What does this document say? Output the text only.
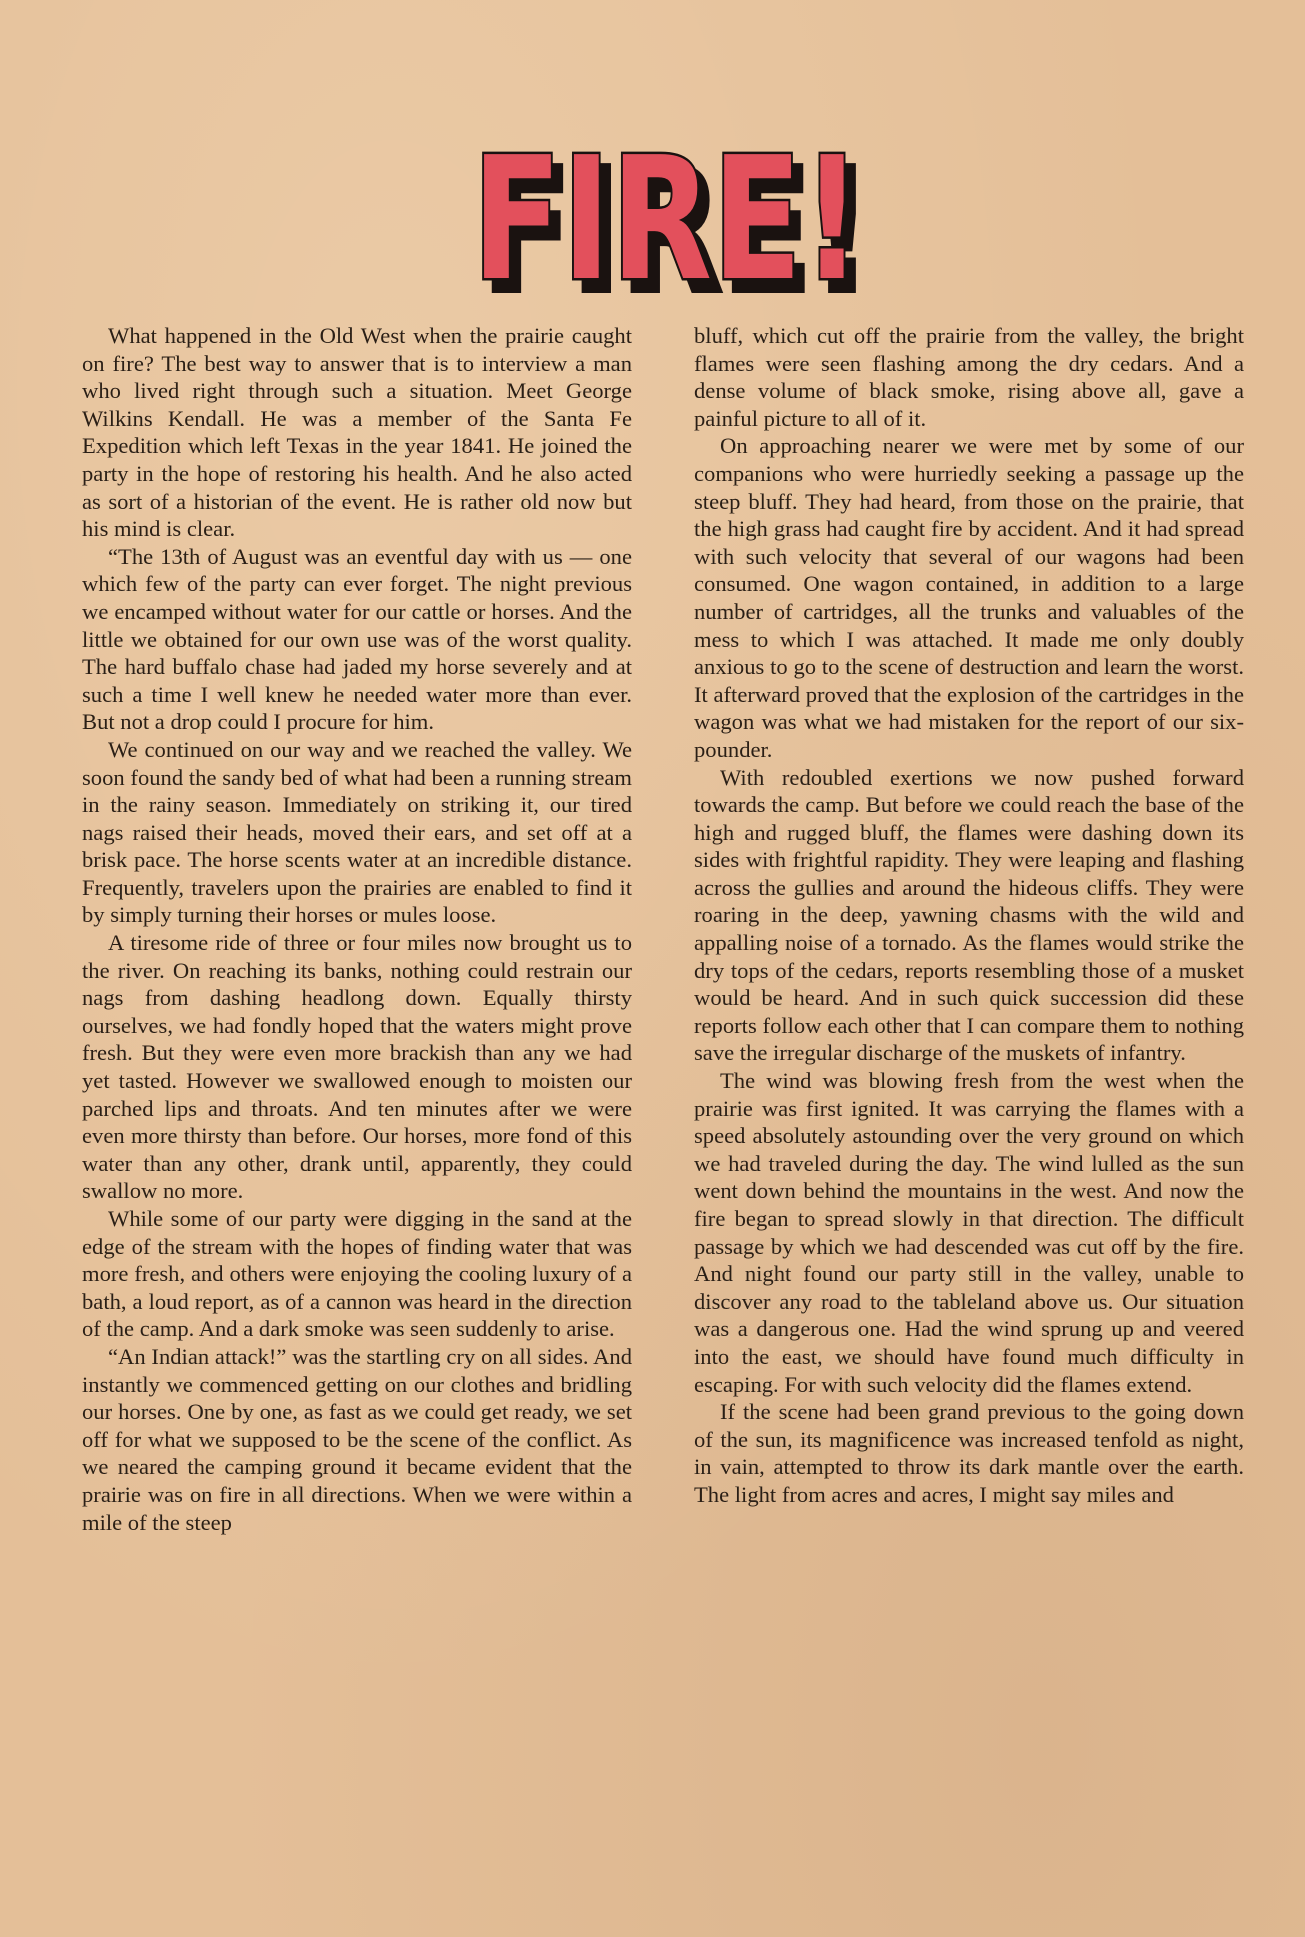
FIRE!
FIRE!

What happened in the Old West when the prairie caught on fire? The best way to answer that is to interview a man who lived right through such a situation. Meet George Wilkins Kendall. He was a member of the Santa Fe Expedition which left Texas in the year 1841. He joined the party in the hope of restoring his health. And he also acted as sort of a historian of the event. He is rather old now but his mind is clear.

“The 13th of August was an eventful day with us — one which few of the party can ever forget. The night previous we encamped without water for our cattle or horses. And the little we obtained for our own use was of the worst quality. The hard buffalo chase had jaded my horse severely and at such a time I well knew he needed water more than ever. But not a drop could I procure for him.

We continued on our way and we reached the valley. We soon found the sandy bed of what had been a running stream in the rainy season. Immediately on striking it, our tired nags raised their heads, moved their ears, and set off at a brisk pace. The horse scents water at an incredible distance. Frequently, travelers upon the prairies are enabled to find it by simply turning their horses or mules loose.

A tiresome ride of three or four miles now brought us to the river. On reaching its banks, nothing could restrain our nags from dashing headlong down. Equally thirsty ourselves, we had fondly hoped that the waters might prove fresh. But they were even more brackish than any we had yet tasted. However we swallowed enough to moisten our parched lips and throats. And ten minutes after we were even more thirsty than before. Our horses, more fond of this water than any other, drank until, apparently, they could swallow no more.

While some of our party were digging in the sand at the edge of the stream with the hopes of finding water that was more fresh, and others were enjoying the cooling luxury of a bath, a loud report, as of a cannon was heard in the direction of the camp. And a dark smoke was seen suddenly to arise.

“An Indian attack!” was the startling cry on all sides. And instantly we commenced getting on our clothes and bridling our horses. One by one, as fast as we could get ready, we set off for what we supposed to be the scene of the conflict. As we neared the camping ground it became evident that the prairie was on fire in all directions. When we were within a mile of the steep

bluff, which cut off the prairie from the valley, the bright flames were seen flashing among the dry cedars. And a dense volume of black smoke, rising above all, gave a painful picture to all of it.

On approaching nearer we were met by some of our companions who were hurriedly seeking a passage up the steep bluff. They had heard, from those on the prairie, that the high grass had caught fire by accident. And it had spread with such velocity that several of our wagons had been consumed. One wagon contained, in addition to a large number of cartridges, all the trunks and valuables of the mess to which I was attached. It made me only doubly anxious to go to the scene of destruction and learn the worst. It afterward proved that the explosion of the cartridges in the wagon was what we had mistaken for the report of our six-pounder.

With redoubled exertions we now pushed forward towards the camp. But before we could reach the base of the high and rugged bluff, the flames were dashing down its sides with frightful rapidity. They were leaping and flashing across the gullies and around the hideous cliffs. They were roaring in the deep, yawning chasms with the wild and appalling noise of a tornado. As the flames would strike the dry tops of the cedars, reports resembling those of a musket would be heard. And in such quick succession did these reports follow each other that I can compare them to nothing save the irregular discharge of the muskets of infantry.

The wind was blowing fresh from the west when the prairie was first ignited. It was carrying the flames with a speed absolutely astounding over the very ground on which we had traveled during the day. The wind lulled as the sun went down behind the mountains in the west. And now the fire began to spread slowly in that direction. The difficult passage by which we had descended was cut off by the fire. And night found our party still in the valley, unable to discover any road to the tableland above us. Our situation was a dangerous one. Had the wind sprung up and veered into the east, we should have found much difficulty in escaping. For with such velocity did the flames extend.

If the scene had been grand previous to the going down of the sun, its magnificence was increased tenfold as night, in vain, attempted to throw its dark mantle over the earth. The light from acres and acres, I might say miles and
